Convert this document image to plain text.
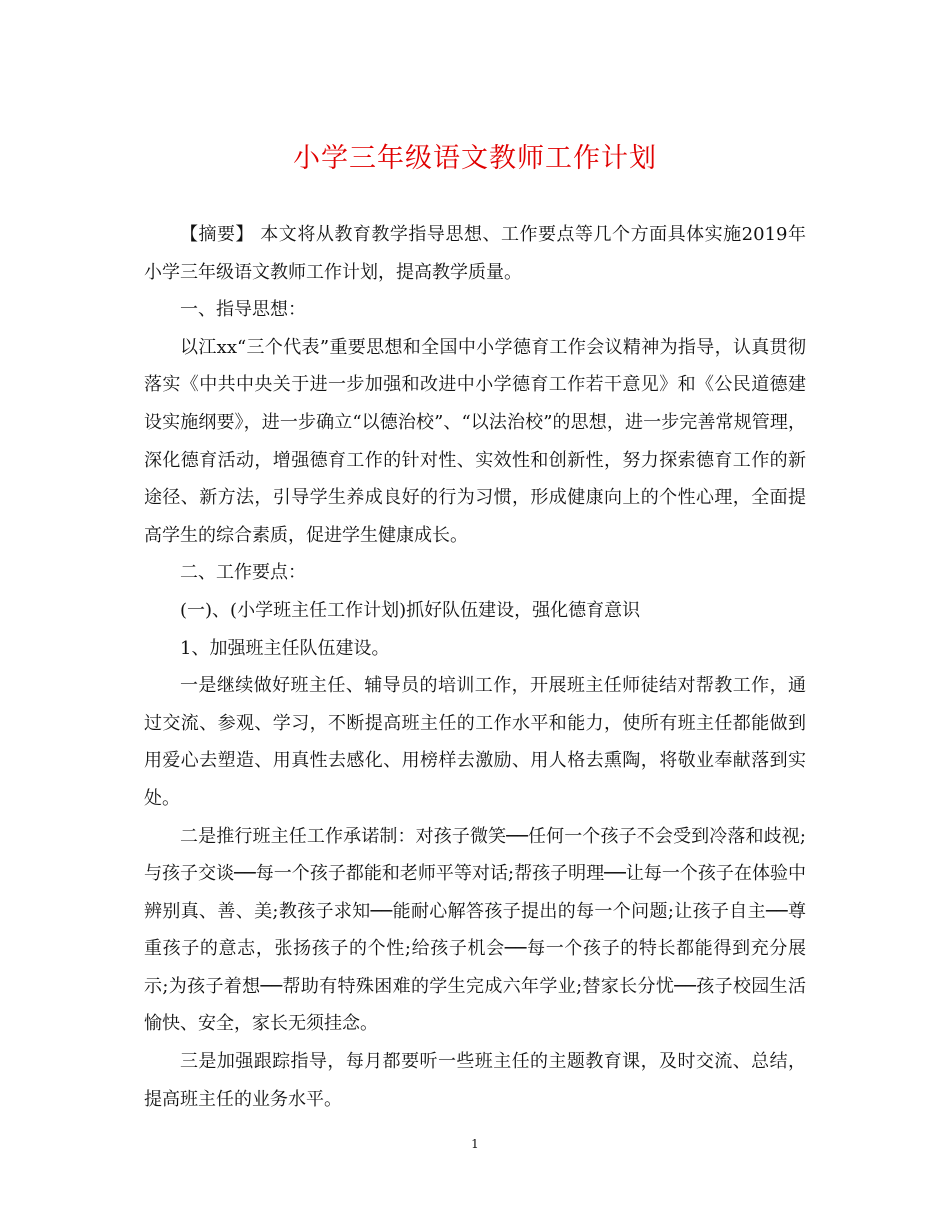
小学三年级语文教师工作计划

【摘要】 本文将从教育教学指导思想、工作要点等几个方面具体实施2019年小学三年级语文教师工作计划，提高教学质量。

一、指导思想：

以江xx“三个代表”重要思想和全国中小学德育工作会议精神为指导，认真贯彻落实《中共中央关于进一步加强和改进中小学德育工作若干意见》和《公民道德建设实施纲要》，进一步确立“以德治校”、“以法治校”的思想，进一步完善常规管理，深化德育活动，增强德育工作的针对性、实效性和创新性，努力探索德育工作的新途径、新方法，引导学生养成良好的行为习惯，形成健康向上的个性心理，全面提高学生的综合素质，促进学生健康成长。

二、工作要点：

(一)、(小学班主任工作计划)抓好队伍建设，强化德育意识

1、加强班主任队伍建设。

一是继续做好班主任、辅导员的培训工作，开展班主任师徒结对帮教工作，通过交流、参观、学习，不断提高班主任的工作水平和能力，使所有班主任都能做到用爱心去塑造、用真性去感化、用榜样去激励、用人格去熏陶，将敬业奉献落到实处。

二是推行班主任工作承诺制：对孩子微笑──任何一个孩子不会受到冷落和歧视;与孩子交谈──每一个孩子都能和老师平等对话;帮孩子明理──让每一个孩子在体验中辨别真、善、美;教孩子求知──能耐心解答孩子提出的每一个问题;让孩子自主──尊重孩子的意志，张扬孩子的个性;给孩子机会──每一个孩子的特长都能得到充分展示;为孩子着想──帮助有特殊困难的学生完成六年学业;替家长分忧──孩子校园生活愉快、安全，家长无须挂念。

三是加强跟踪指导，每月都要听一些班主任的主题教育课，及时交流、总结，提高班主任的业务水平。

1
